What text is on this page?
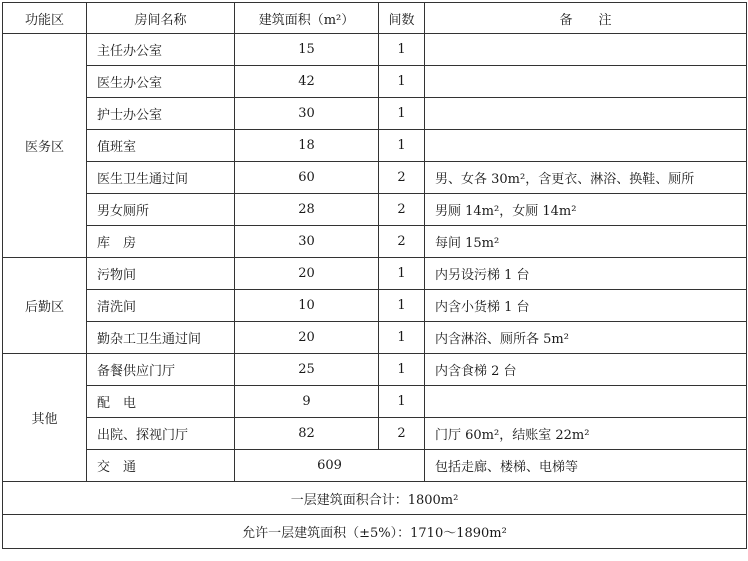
功能区	房间名称	建筑面积（m²）	间数	备　　注
医务区	主任办公室	15	1	
	医生办公室	42	1	
	护士办公室	30	1	
	值班室	18	1	
	医生卫生通过间	60	2	男、女各 30m²，含更衣、淋浴、换鞋、厕所
	男女厕所	28	2	男厕 14m²，女厕 14m²
	库　房	30	2	每间 15m²
后勤区	污物间	20	1	内另设污梯 1 台
	清洗间	10	1	内含小货梯 1 台
	勤杂工卫生通过间	20	1	内含淋浴、厕所各 5m²
其他	备餐供应门厅	25	1	内含食梯 2 台
	配　电	9	1	
	出院、探视门厅	82	2	门厅 60m²，结账室 22m²
	交　通	609		包括走廊、楼梯、电梯等
一层建筑面积合计：1800m²				
允许一层建筑面积（±5%）：1710～1890m²				
